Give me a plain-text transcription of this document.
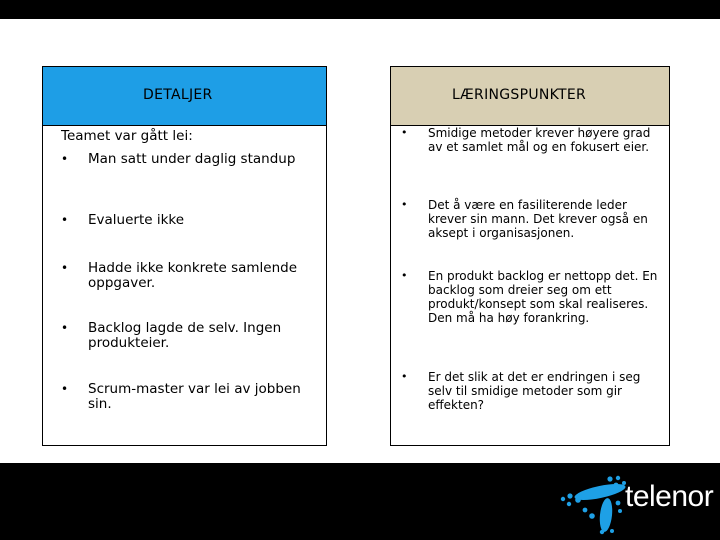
DETALJER
Teamet var gått lei:
• Man satt under daglig standup
• Evaluerte ikke
• Hadde ikke konkrete samlende oppgaver.
• Backlog lagde de selv. Ingen produkteier.
• Scrum-master var lei av jobben sin.
LÆRINGSPUNKTER
• Smidige metoder krever høyere grad av et samlet mål og en fokusert eier.
• Det å være en fasiliterende leder krever sin mann. Det krever også en aksept i organisasjonen.
• En produkt backlog er nettopp det. En backlog som dreier seg om ett produkt/konsept som skal realiseres. Den må ha høy forankring.
• Er det slik at det er endringen i seg selv til smidige metoder som gir effekten?
telenor
